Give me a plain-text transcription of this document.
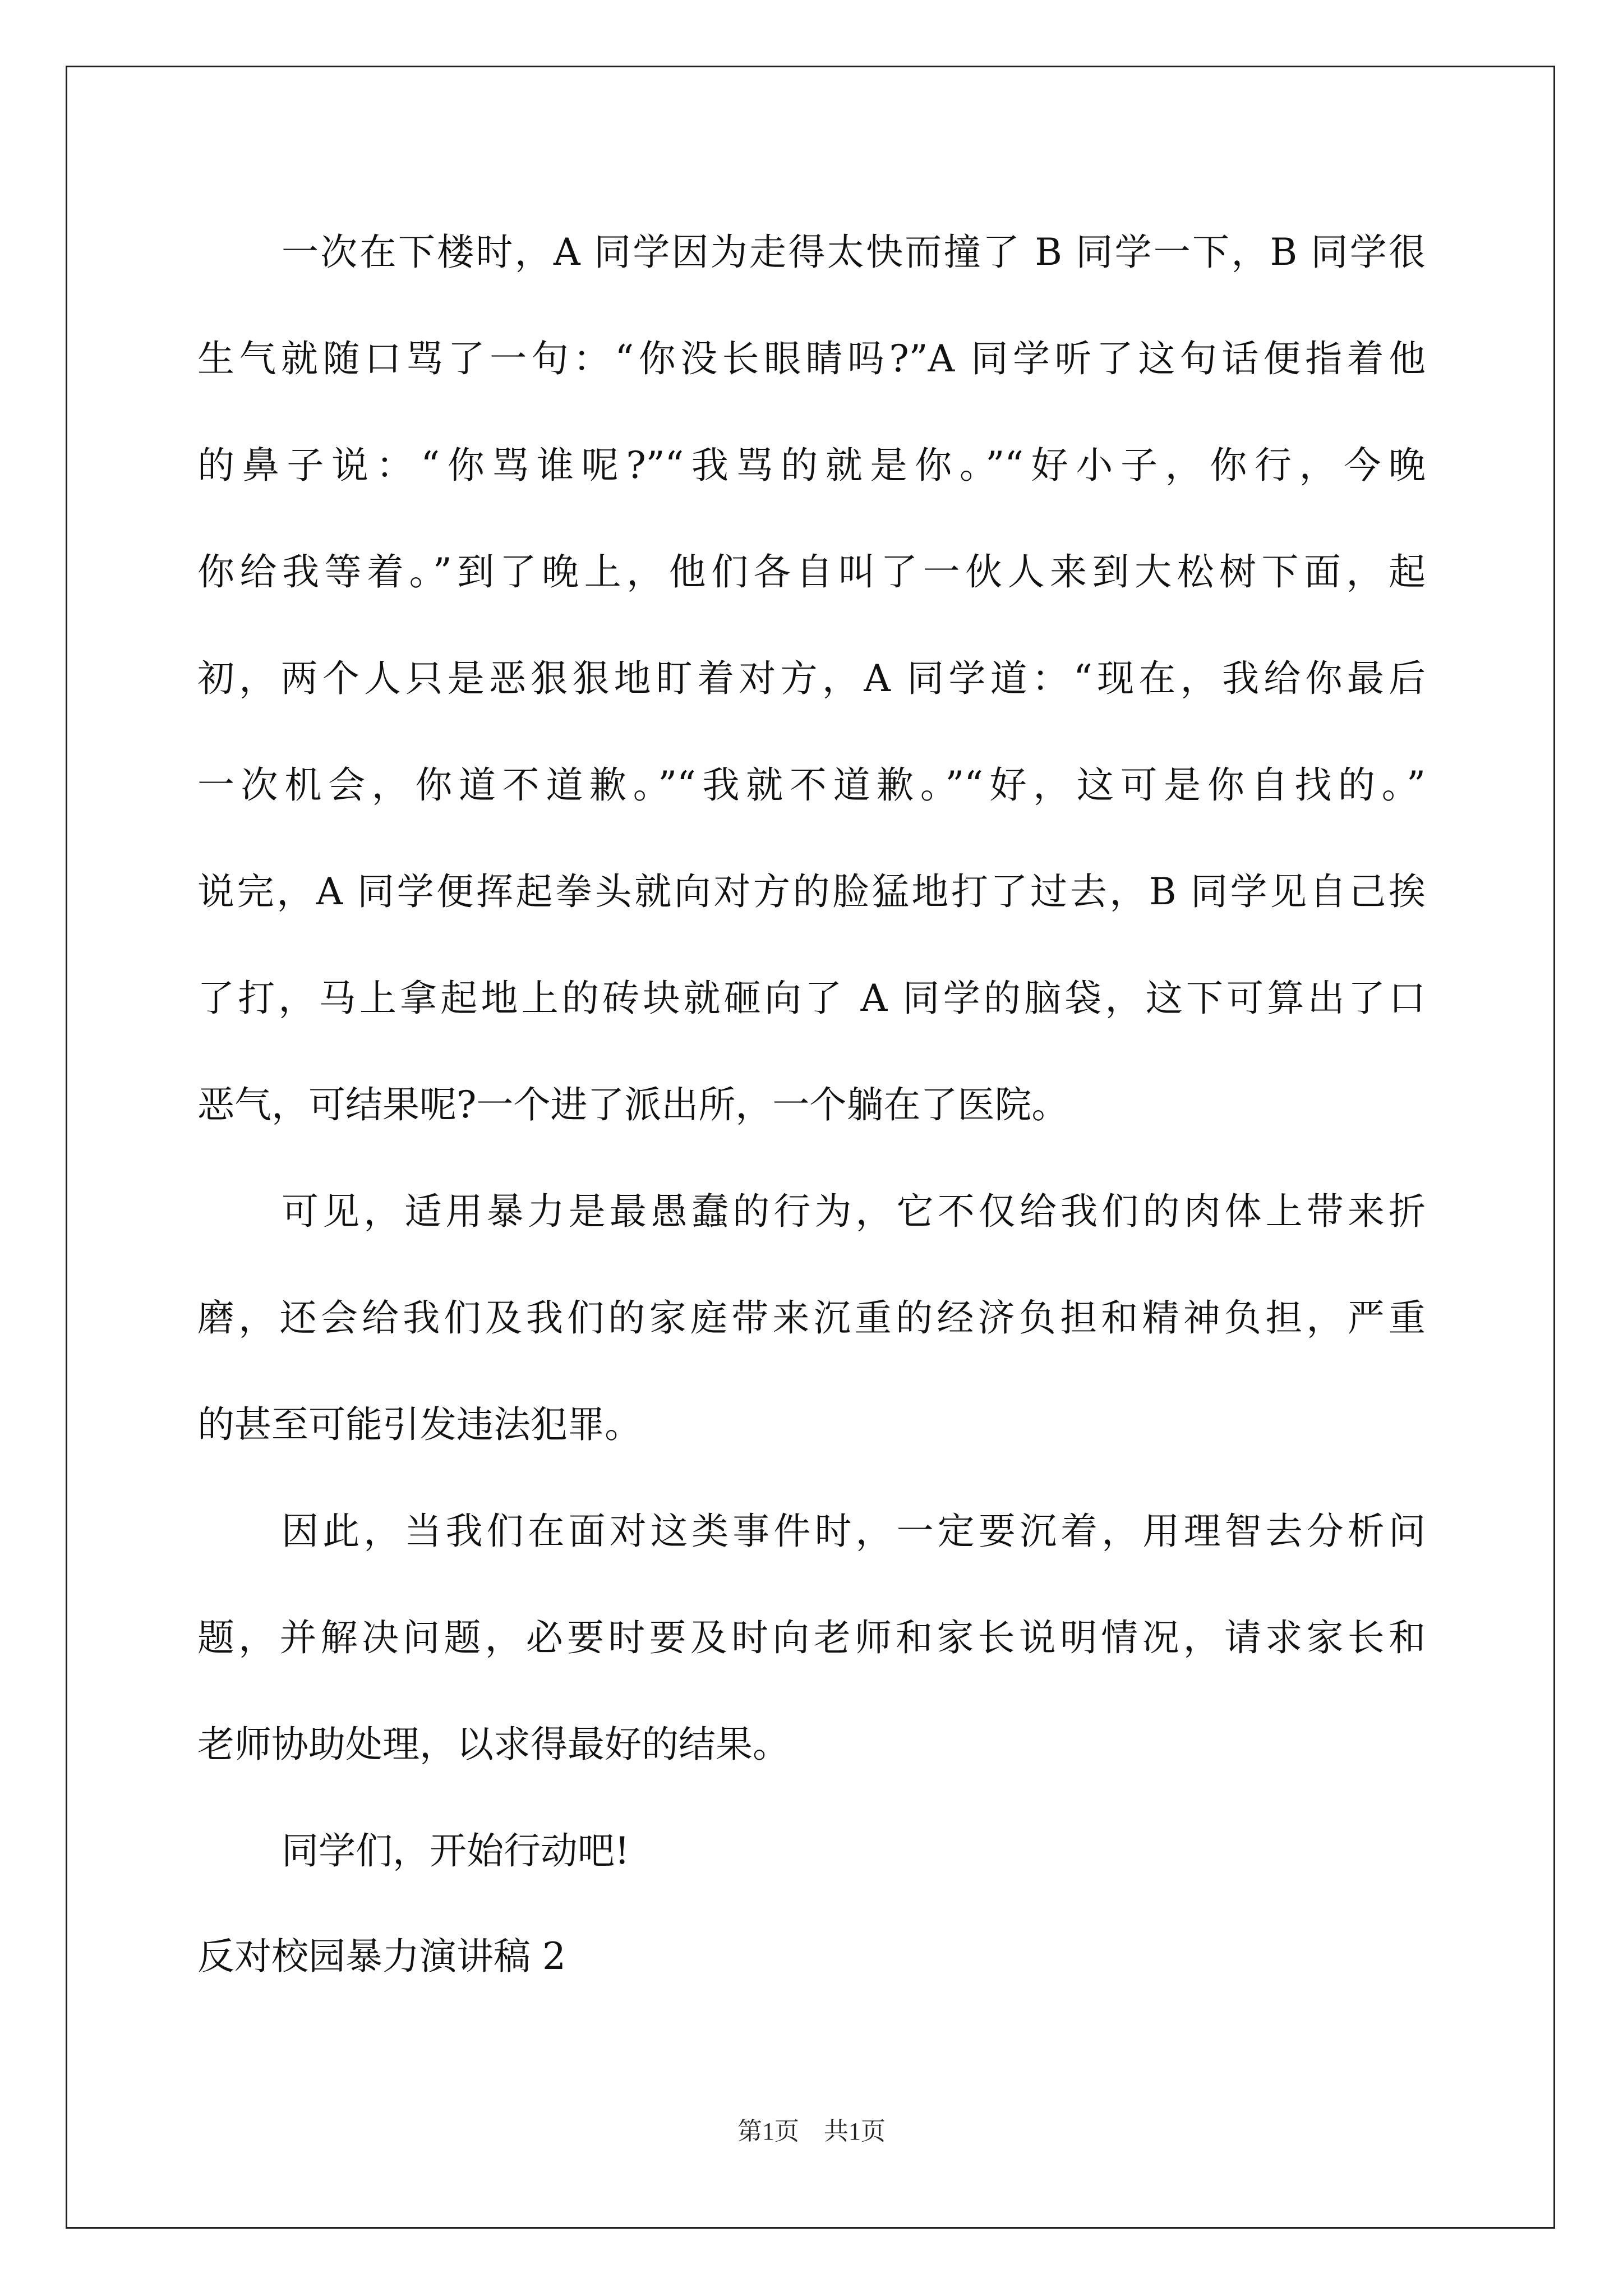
一次在下楼时，A 同学因为走得太快而撞了 B 同学一下，B 同学很
生气就随口骂了一句：“你没长眼睛吗?”A 同学听了这句话便指着他
的鼻子说：“你骂谁呢?”“我骂的就是你。”“好小子，你行，今晚
你给我等着。”到了晚上，他们各自叫了一伙人来到大松树下面，起
初，两个人只是恶狠狠地盯着对方，A 同学道：“现在，我给你最后
一次机会，你道不道歉。”“我就不道歉。”“好，这可是你自找的。”
说完，A 同学便挥起拳头就向对方的脸猛地打了过去，B 同学见自己挨
了打，马上拿起地上的砖块就砸向了 A 同学的脑袋，这下可算出了口
恶气，可结果呢?一个进了派出所，一个躺在了医院。
可见，适用暴力是最愚蠢的行为，它不仅给我们的肉体上带来折
磨，还会给我们及我们的家庭带来沉重的经济负担和精神负担，严重
的甚至可能引发违法犯罪。
因此，当我们在面对这类事件时，一定要沉着，用理智去分析问
题，并解决问题，必要时要及时向老师和家长说明情况，请求家长和
老师协助处理，以求得最好的结果。
同学们，开始行动吧!
反对校园暴力演讲稿 2
第1页　共1页
